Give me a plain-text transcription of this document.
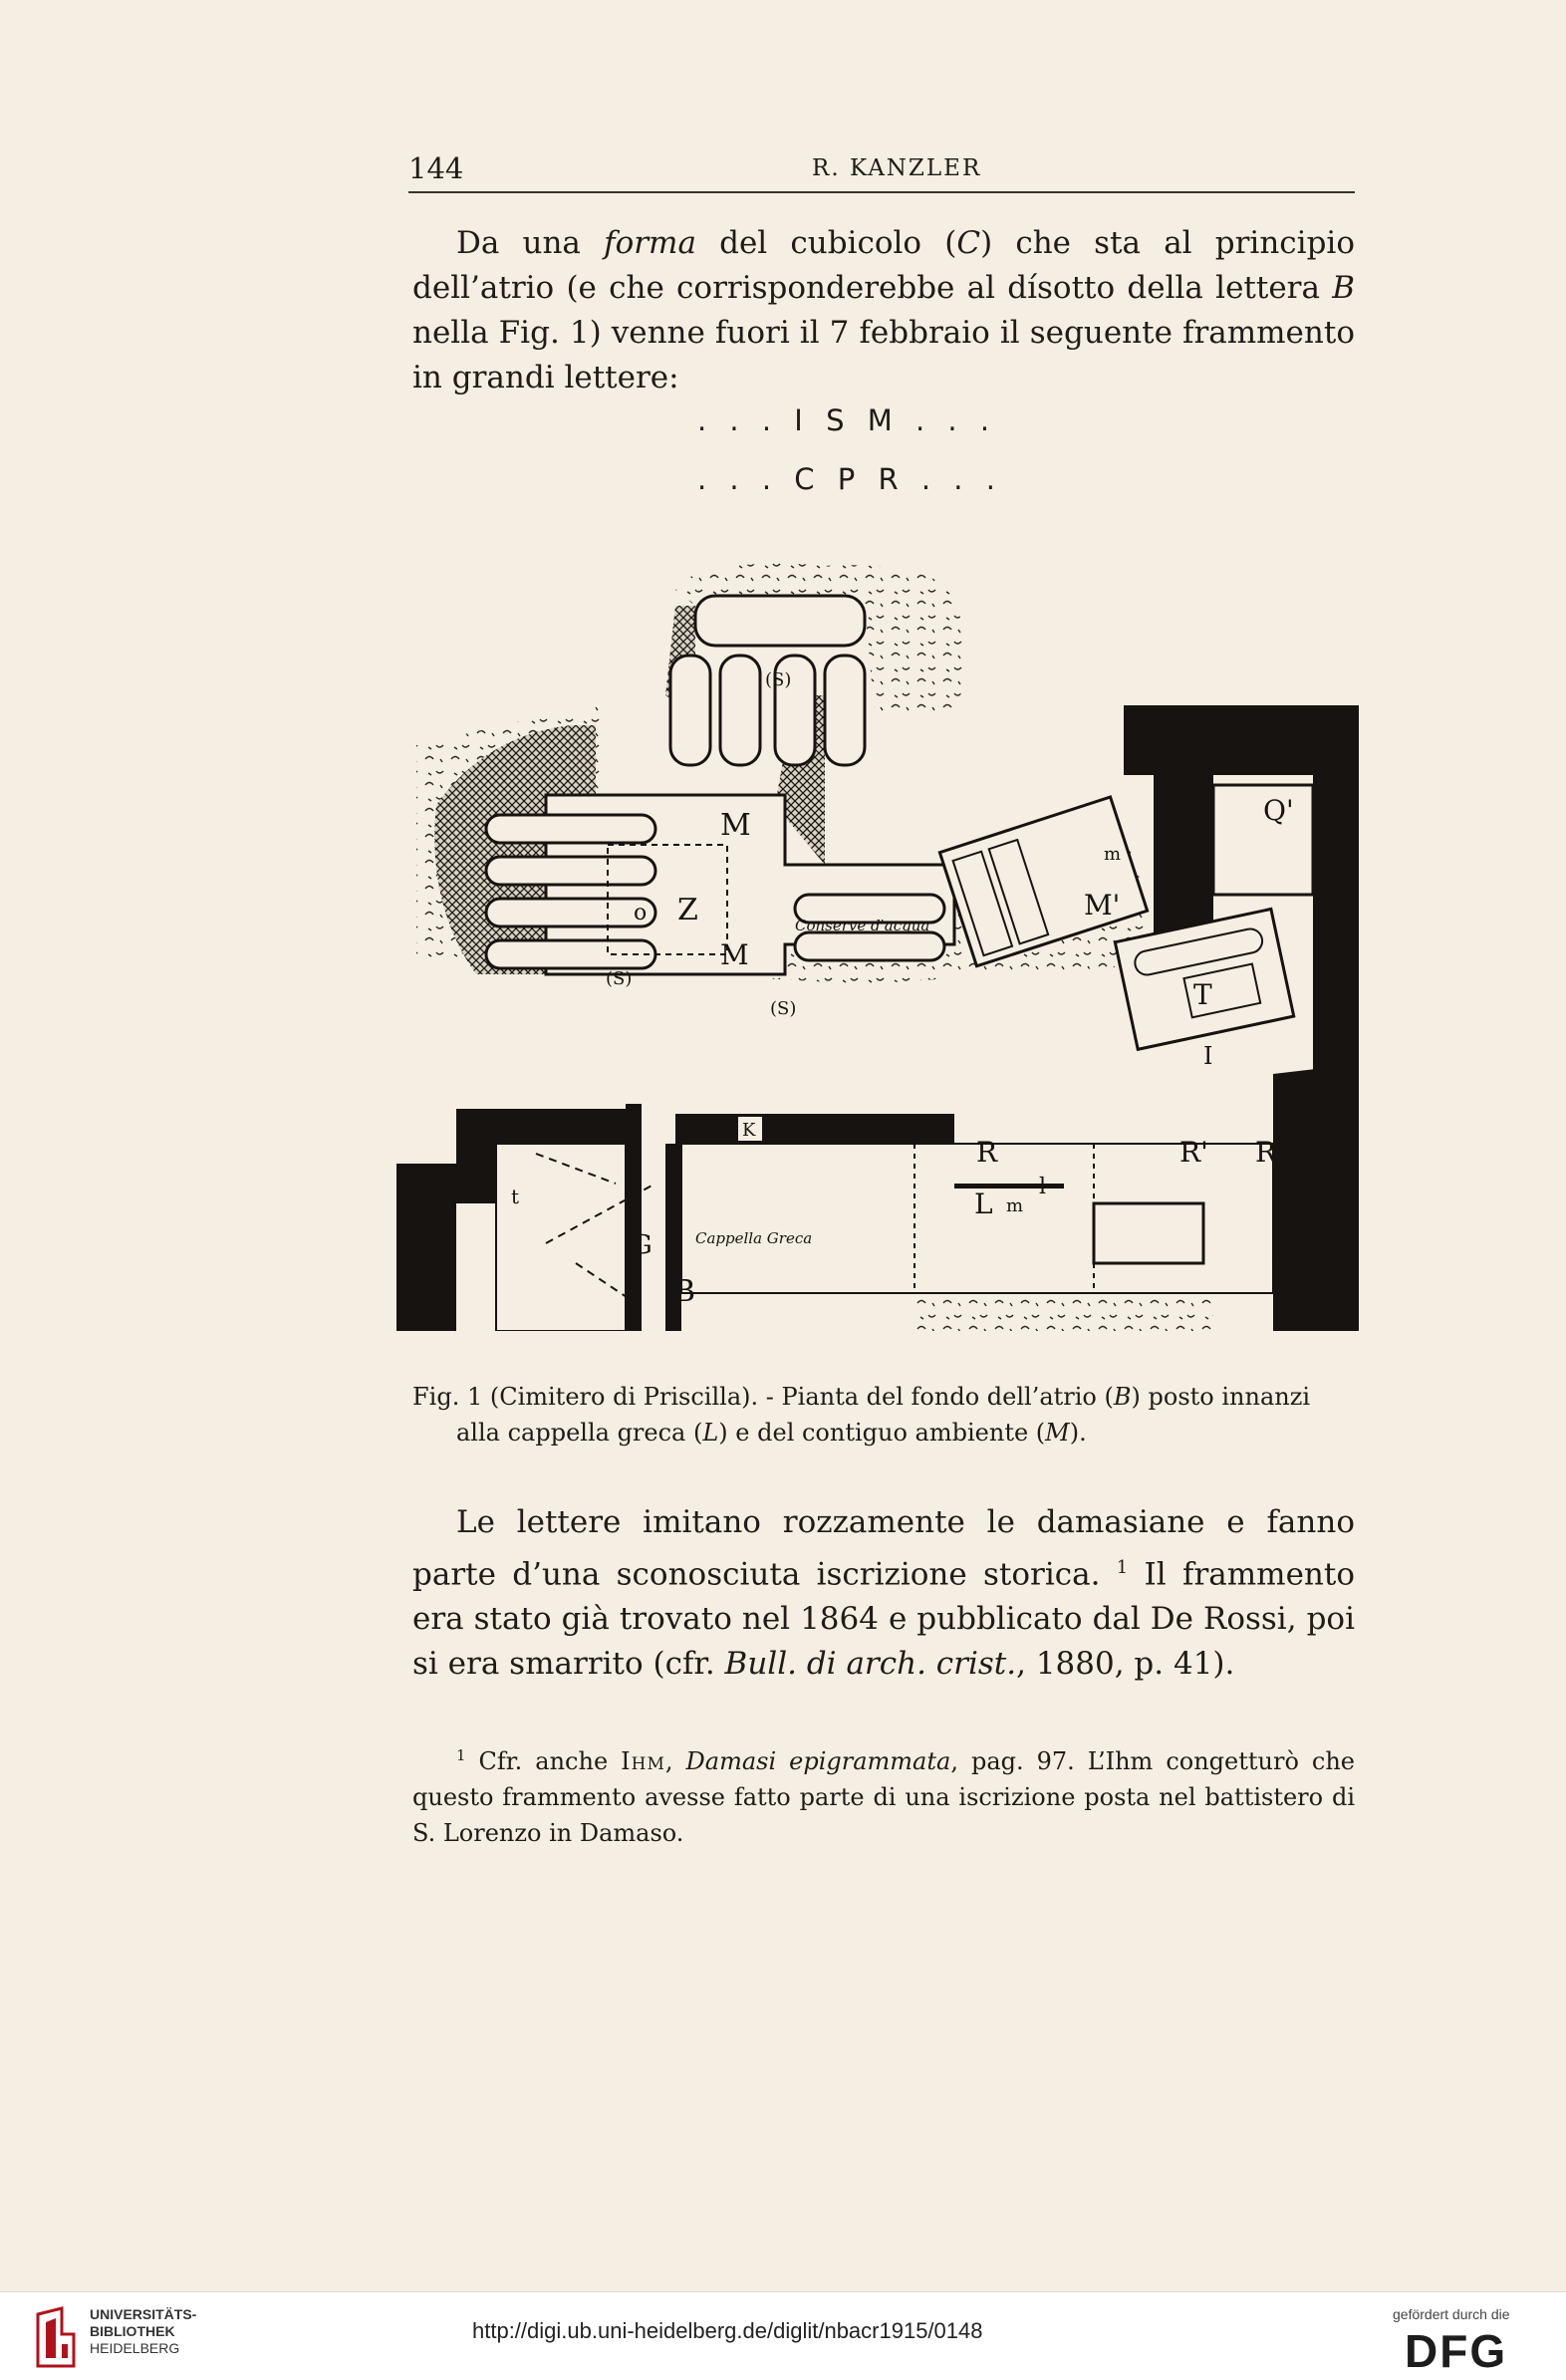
144	R. KANZLER

Da una forma del cubicolo (C) che sta al principio dell’atrio (e che corrisponderebbe al dísotto della lettera B nella Fig. 1) venne fuori il 7 febbraio il seguente frammento in grandi lettere:

. . . I S M . . .
. . . C P R . . .
M
M
M'
m
Z
o
(S)
(S)
(S)	T
I
Q'
R	R' R'
C
L m
l
G
K
B
t
Conserve d'acqua
Cappella Greca
Fig. 1 (Cimitero di Priscilla). - Pianta del fondo dell’atrio (B) posto innanzi
alla cappella greca (L) e del contiguo ambiente (M).

Le lettere imitano rozzamente le damasiane e fanno parte d’una sconosciuta iscrizione storica. $^1$ Il frammento era stato già trovato nel 1864 e pubblicato dal De Rossi, poi si era smarrito (cfr. Bull. di arch. crist., 1880, p. 41).

$^1$ Cfr. anche Ihm, Damasi epigrammata, pag. 97. L’Ihm congetturò che questo frammento avesse fatto parte di una iscrizione posta nel battistero di S. Lorenzo in Damaso.

UNIVERSITÄTS-
BIBLIOTHEK
HEIDELBERG
http://digi.ub.uni-heidelberg.de/diglit/nbacr1915/0148
gefördert durch die
DFG
